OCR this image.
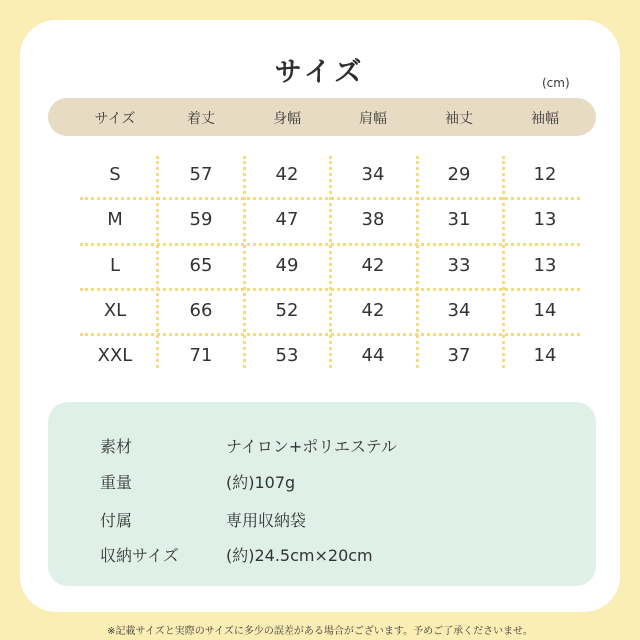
サイズ	(cm)
サイズ	着丈	身幅	肩幅	袖丈	袖幅
S	57	42	34	29	12
M	59	47	38	31	13
L	65	49	42	33	13
XL	66	52	42	34	14
XXL	71	53	44	37	14
素材	ナイロン+ポリエステル
重量	(約)107g
付属	専用収納袋
収納サイズ	(約)24.5cm×20cm
※記載サイズと実際のサイズに多少の誤差がある場合がございます。予めご了承くださいませ。
